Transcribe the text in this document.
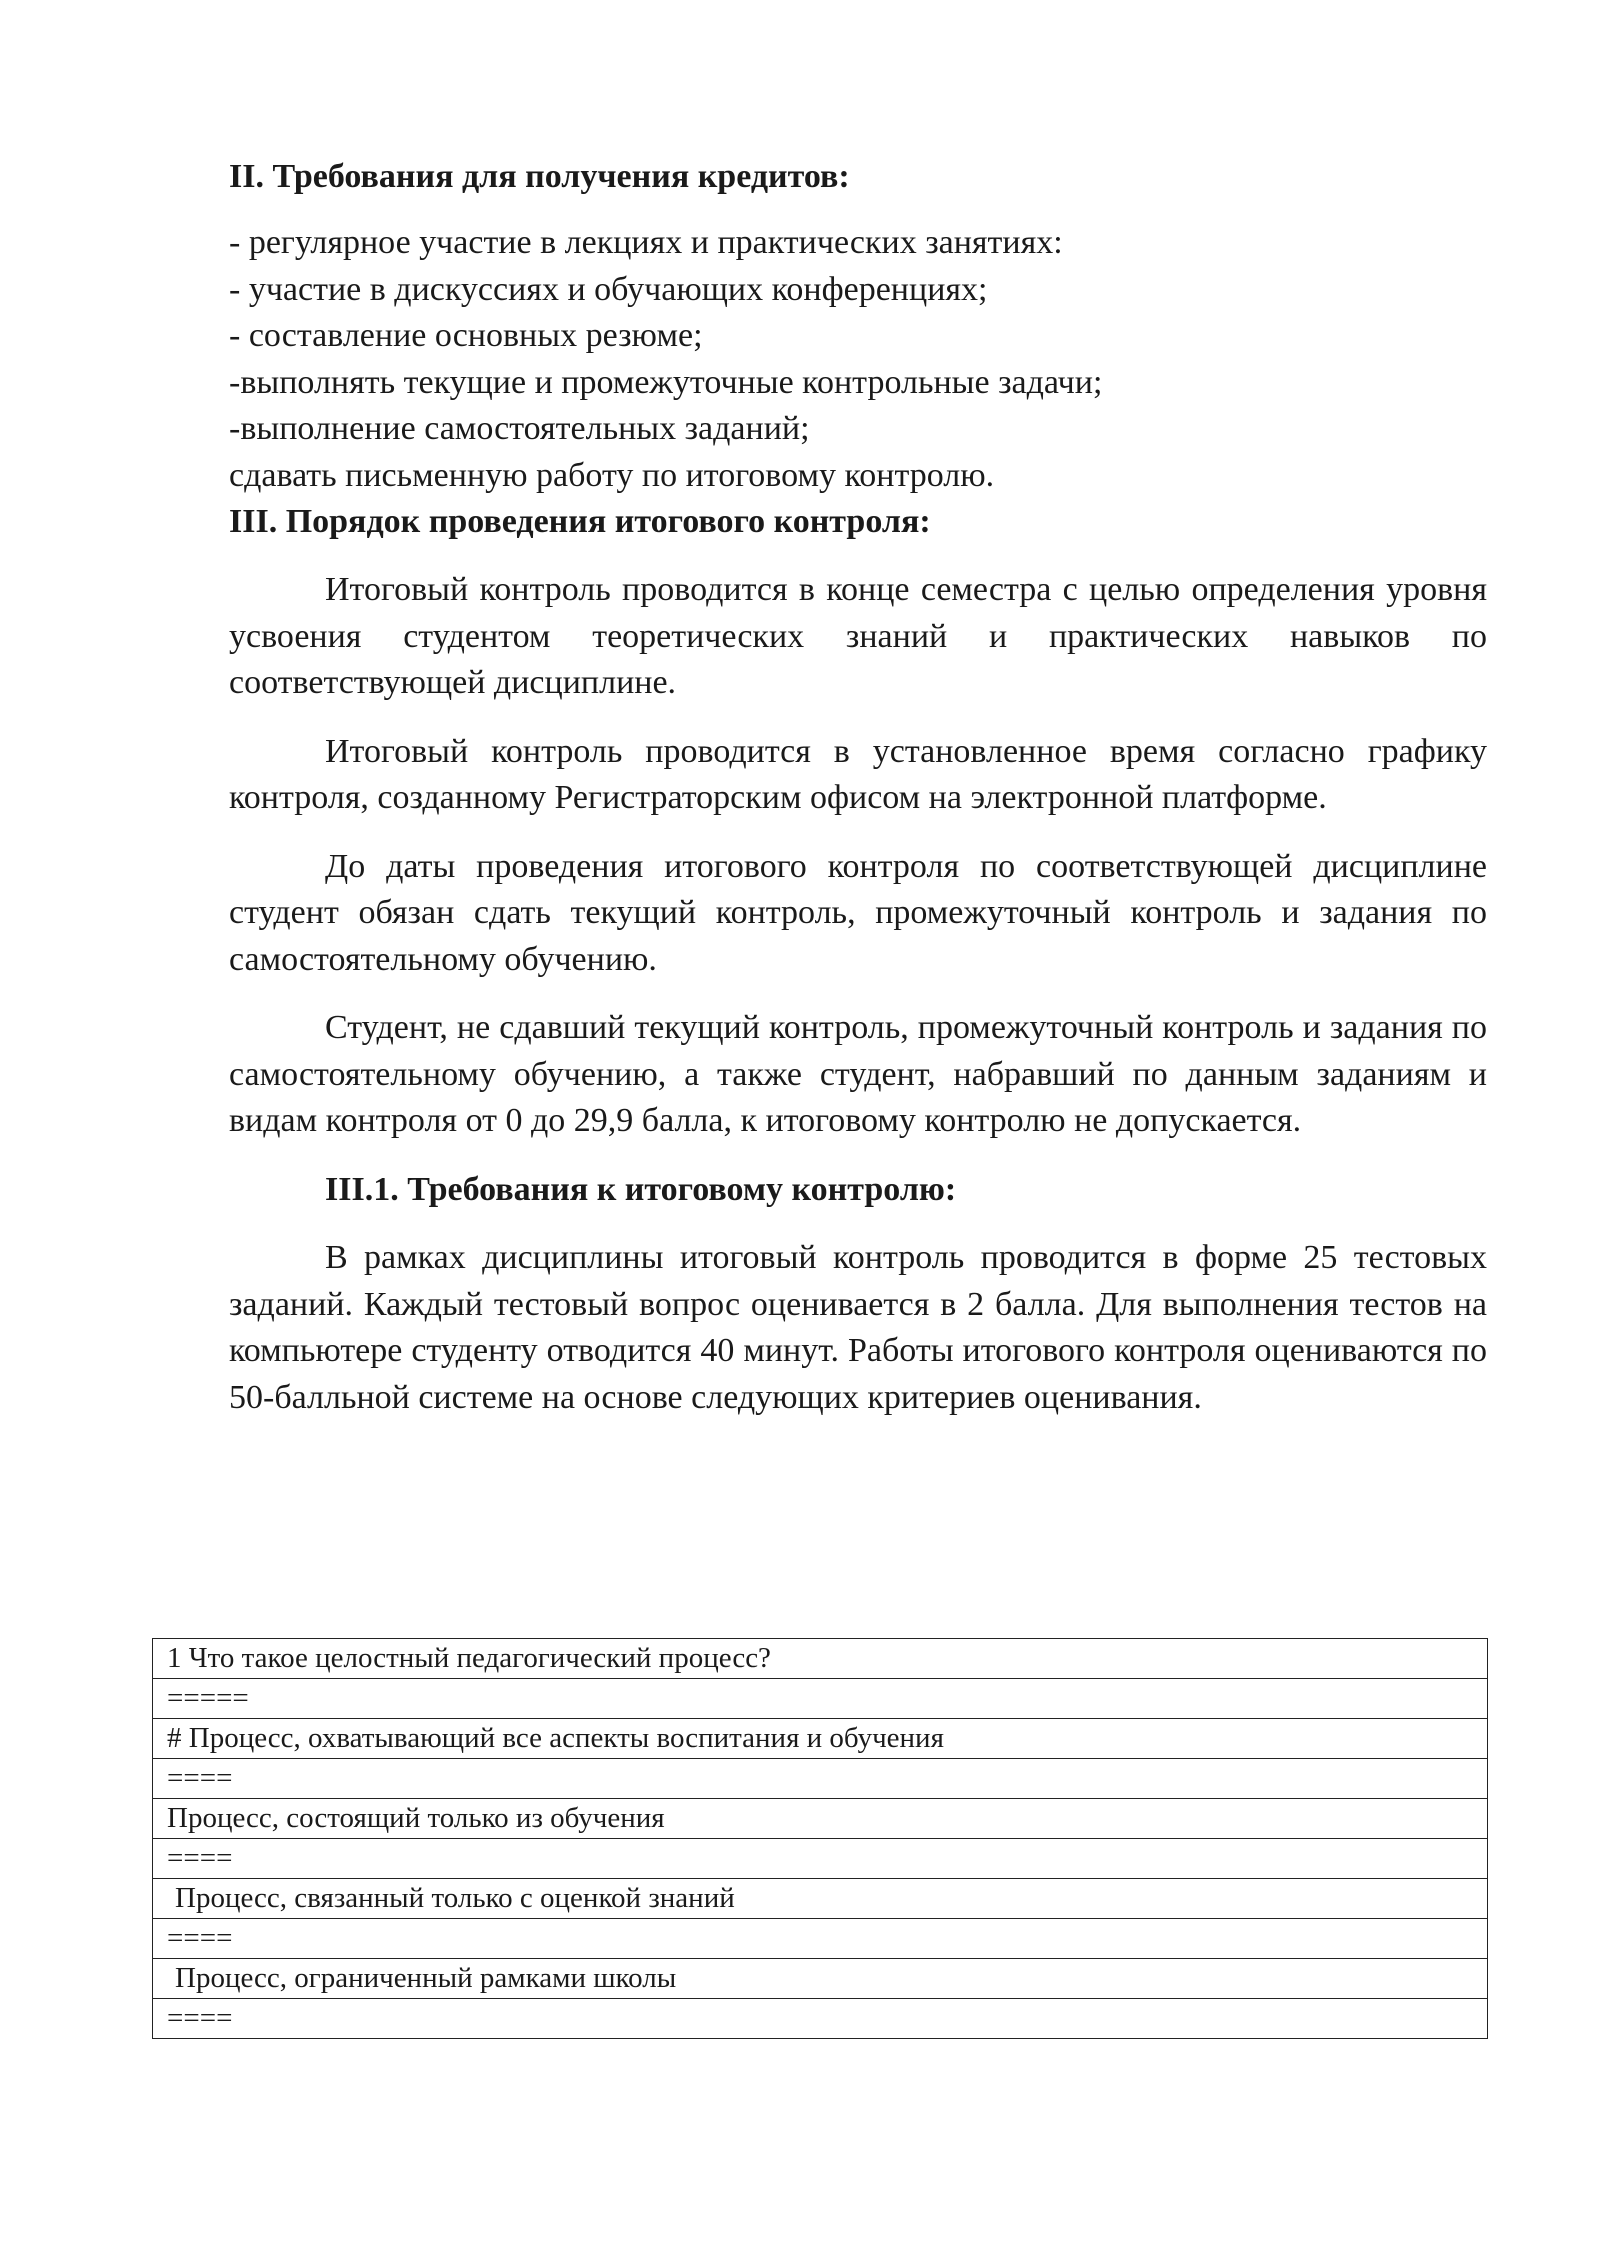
II. Требования для получения кредитов:
- регулярное участие в лекциях и практических занятиях:
- участие в дискуссиях и обучающих конференциях;
- составление основных резюме;
-выполнять текущие и промежуточные контрольные задачи;
-выполнение самостоятельных заданий;
сдавать письменную работу по итоговому контролю.
III. Порядок проведения итогового контроля:

Итоговый контроль проводится в конце семестра с целью определения уровня усвоения студентом теоретических знаний и практических навыков по соответствующей дисциплине.

Итоговый контроль проводится в установленное время согласно графику контроля, созданному Регистраторским офисом на электронной платформе.

До даты проведения итогового контроля по соответствующей дисциплине студент обязан сдать текущий контроль, промежуточный контроль и задания по самостоятельному обучению.

Студент, не сдавший текущий контроль, промежуточный контроль и задания по самостоятельному обучению, а также студент, набравший по данным заданиям и видам контроля от 0 до 29,9 балла, к итоговому контролю не допускается.

III.1. Требования к итоговому контролю:

В рамках дисциплины итоговый контроль проводится в форме 25 тестовых заданий. Каждый тестовый вопрос оценивается в 2 балла. Для выполнения тестов на компьютере студенту отводится 40 минут. Работы итогового контроля оцениваются по 50-балльной системе на основе следующих критериев оценивания.

1 Что такое целостный педагогический процесс?
=====
# Процесс, охватывающий все аспекты воспитания и обучения
====
Процесс, состоящий только из обучения
====
Процесс, связанный только с оценкой знаний
====
Процесс, ограниченный рамками школы
====
